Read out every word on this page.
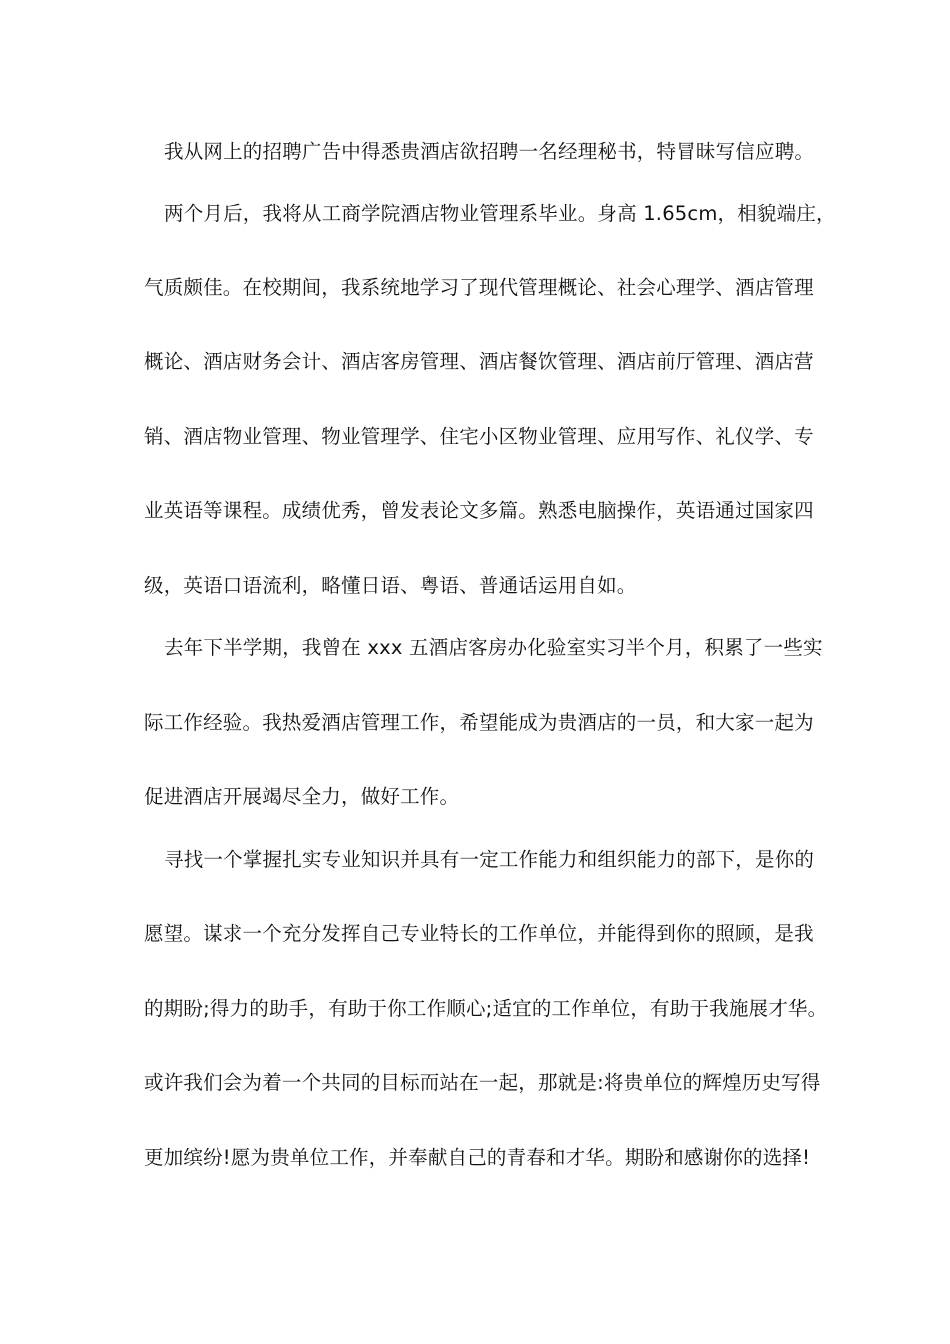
我从网上的招聘广告中得悉贵酒店欲招聘一名经理秘书，特冒昧写信应聘。
两个月后，我将从工商学院酒店物业管理系毕业。身高 1.65cm，相貌端庄，
气质颇佳。在校期间，我系统地学习了现代管理概论、社会心理学、酒店管理
概论、酒店财务会计、酒店客房管理、酒店餐饮管理、酒店前厅管理、酒店营
销、酒店物业管理、物业管理学、住宅小区物业管理、应用写作、礼仪学、专
业英语等课程。成绩优秀，曾发表论文多篇。熟悉电脑操作，英语通过国家四
级，英语口语流利，略懂日语、粤语、普通话运用自如。
去年下半学期，我曾在 xxx 五酒店客房办化验室实习半个月，积累了一些实
际工作经验。我热爱酒店管理工作，希望能成为贵酒店的一员，和大家一起为
促进酒店开展竭尽全力，做好工作。
寻找一个掌握扎实专业知识并具有一定工作能力和组织能力的部下，是你的
愿望。谋求一个充分发挥自己专业特长的工作单位，并能得到你的照顾，是我
的期盼;得力的助手，有助于你工作顺心;适宜的工作单位，有助于我施展才华。
或许我们会为着一个共同的目标而站在一起，那就是:将贵单位的辉煌历史写得
更加缤纷!愿为贵单位工作，并奉献自己的青春和才华。期盼和感谢你的选择!
